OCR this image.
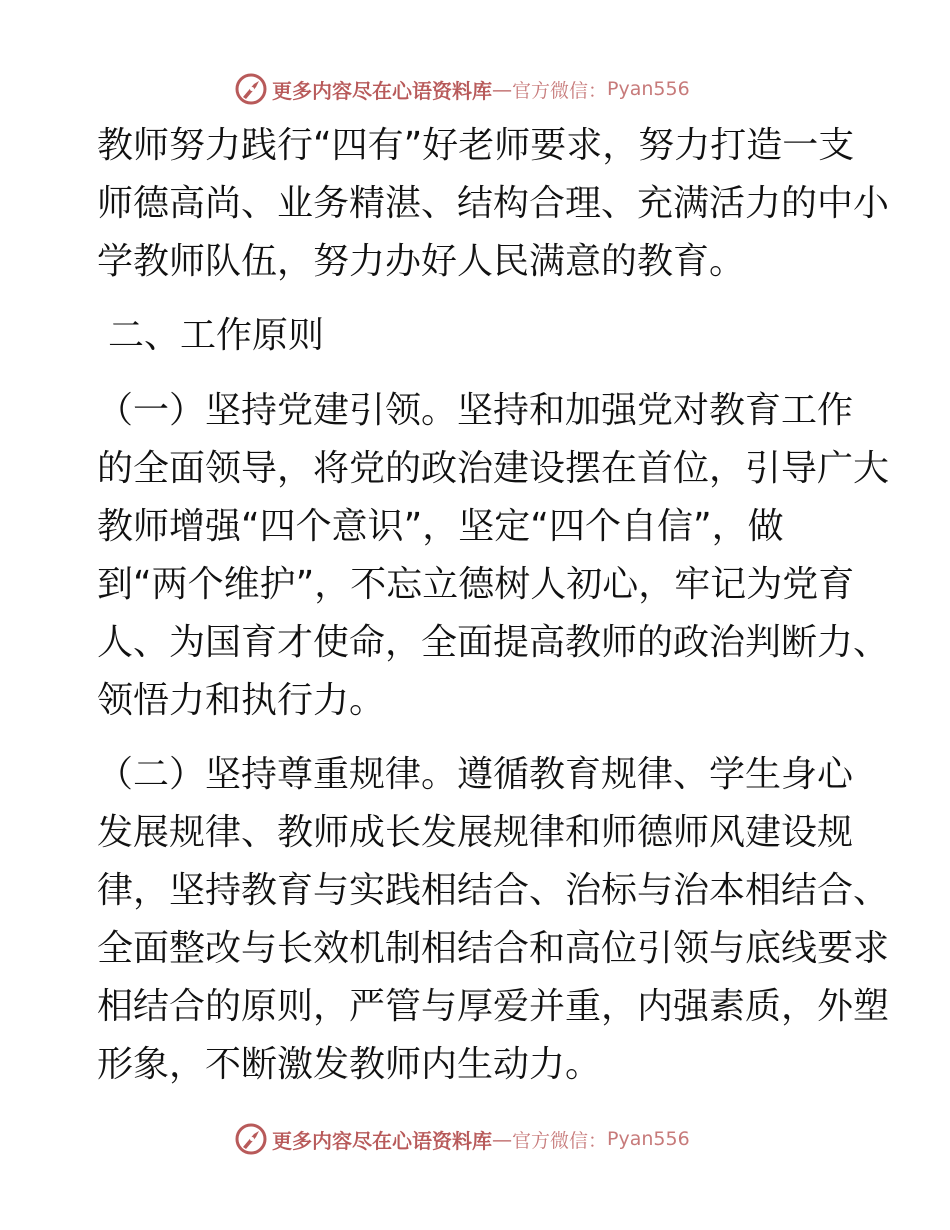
更多内容尽在心语资料库 — 官方微信： Pyan556
教师努力践行“四有”好老师要求，努力打造一支
师德高尚、业务精湛、结构合理、充满活力的中小
学教师队伍，努力办好人民满意的教育。
二、工作原则
（一）坚持党建引领。坚持和加强党对教育工作
的全面领导，将党的政治建设摆在首位，引导广大
教师增强“四个意识”，坚定“四个自信”，做
到“两个维护”，不忘立德树人初心，牢记为党育
人、为国育才使命，全面提高教师的政治判断力、
领悟力和执行力。
（二）坚持尊重规律。遵循教育规律、学生身心
发展规律、教师成长发展规律和师德师风建设规
律，坚持教育与实践相结合、治标与治本相结合、
全面整改与长效机制相结合和高位引领与底线要求
相结合的原则，严管与厚爱并重，内强素质，外塑
形象，不断激发教师内生动力。
更多内容尽在心语资料库 — 官方微信： Pyan556
